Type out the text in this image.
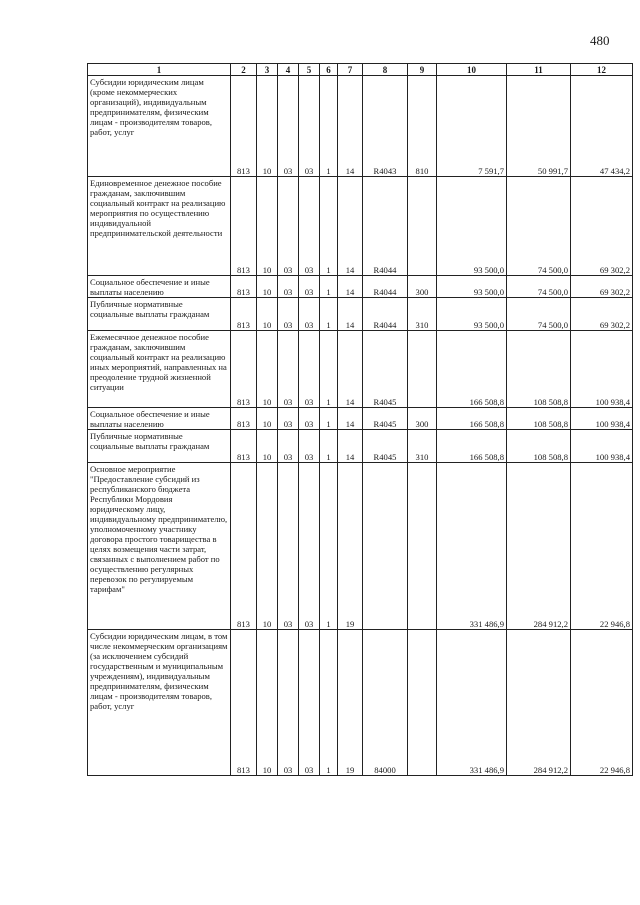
480
1	2	3	4	5	6	7	8	9	10	11	12
Субсидии юридическим лицам (кроме некоммерческих организаций), индивидуальным предпринимателям, физическим лицам - производителям товаров, работ, услуг	813	10	03	03	1	14	R4043	810	7 591,7	50 991,7	47 434,2
Единовременное денежное пособие гражданам, заключившим социальный контракт на реализацию мероприятия по осуществлению индивидуальной предпринимательской деятельности	813	10	03	03	1	14	R4044		93 500,0	74 500,0	69 302,2
Социальное обеспечение и иные выплаты населению	813	10	03	03	1	14	R4044	300	93 500,0	74 500,0	69 302,2
Публичные нормативные социальные выплаты гражданам	813	10	03	03	1	14	R4044	310	93 500,0	74 500,0	69 302,2
Ежемесячное денежное пособие гражданам, заключившим социальный контракт на реализацию иных мероприятий, направленных на преодоление трудной жизненной ситуации	813	10	03	03	1	14	R4045		166 508,8	108 508,8	100 938,4
Социальное обеспечение и иные выплаты населению	813	10	03	03	1	14	R4045	300	166 508,8	108 508,8	100 938,4
Публичные нормативные социальные выплаты гражданам	813	10	03	03	1	14	R4045	310	166 508,8	108 508,8	100 938,4
Основное мероприятие "Предоставление субсидий из республиканского бюджета Республики Мордовия юридическому лицу, индивидуальному предпринимателю, уполномоченному участнику договора простого товарищества в целях возмещения части затрат, связанных с выполнением работ по осуществлению регулярных перевозок по регулируемым тарифам"	813	10	03	03	1	19			331 486,9	284 912,2	22 946,8
Субсидии юридическим лицам, в том числе некоммерческим организациям (за исключением субсидий государственным и муниципальным учреждениям), индивидуальным предпринимателям, физическим лицам - производителям товаров, работ, услуг	813	10	03	03	1	19	84000		331 486,9	284 912,2	22 946,8
